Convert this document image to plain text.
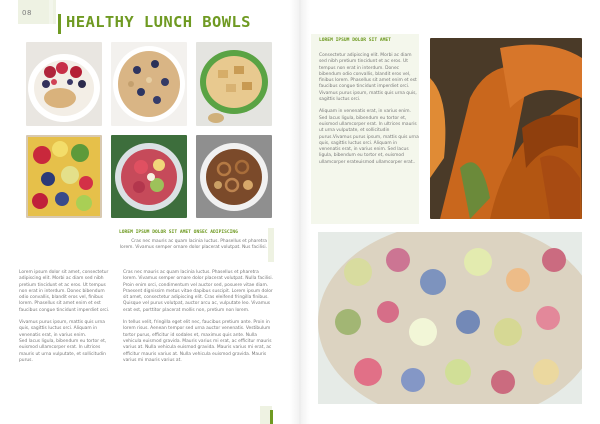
08 HEALTHY LUNCH BOWLS
LOREM IPSUM DOLOR SIT AMET ONSEC ADIPISCING
Cras nec mauris ac quam lacinia luctus. Phasellus et pharetra lorem. Vivamus semper ornare dolor placerat volutpat. Nus facilisi.
Lorem ipsum dolor sit amet, consectetur adipiscing elit. Morbi ac diam sed nibh pretium tincidunt et ac eros. Ut tempus non erat in interdum. Donec bibendum odio convallis, blandit eros vel, finibus lorem. Phasellus sit amet enim et est faucibus congue tincidunt imperdiet orci.
Vivamus purus ipsum, mattis quis urna quis, sagittis luctus orci. Aliquam in venenatis erat, in varius enim.
Sed lacus ligula, bibendum eu tortor et, euismod ullamcorper erat. In ultrices mauris ut urna vulputate, et sollicitudin purus.
Cras nec mauris ac quam lacinia luctus. Phasellus et pharetra lorem. Vivamus semper ornare dolor placerat volutpat. Nulla facilisi. Proin enim orci, condimentum vel auctor sed, posuere vitae diam. Praesent dignissim metus vitae dapibus suscipit. Lorem ipsum dolor sit amet, consectetur adipiscing elit. Cras eleifend fringilla finibus. Quisque vel purus volutpat, auctor arcu ac, vulputate leo. Vivamus erat est, porttitor placerat mollis non, pretium non lorem.
In tellus velit, fringilla eget elit nec, faucibus pretium ante. Proin in lorem risus. Aenean tempor sed urna auctor venenatis. Vestibulum tortor purus, efficitur id sodales et, maximus quis ante. Nulla vehicula euismod gravida. Mauris varius mi erat, ac efficitur mauris varius at. Nulla vehicula euismod gravida. Mauris varius mi erat, ac efficitur mauris varius at. Nulla vehicula euismod gravida. Mauris varius mi mauris varius at.
LOREM IPSUM DOLOR SIT AMET
Consectetur adipiscing elit. Morbi ac diam sed nibh pretium tincidunt et ac eros. Ut tempus non erat in interdum. Donec bibendum odio convallis, blandit eros vel, finibus lorem. Phasellus sit amet enim et est faucibus congue tincidunt imperdiet orci. Vivamus purus ipsum, mattis quis urna quis, sagittis luctus orci.
Aliquam in venenatis erat, in varius enim.
Sed lacus ligula, bibendum eu tortor et, euismod ullamcorper erat. In ultrices mauris ut urna vulputate, et sollicitudin purus.Vivamus purus ipsum, mattis quis urna quis, sagittis luctus orci. Aliquam in venenatis erat, in varius enim. Sed lacus ligula, bibendum eu tortor et, euismod ullamcorper erateuismod ullamcorper erat..
